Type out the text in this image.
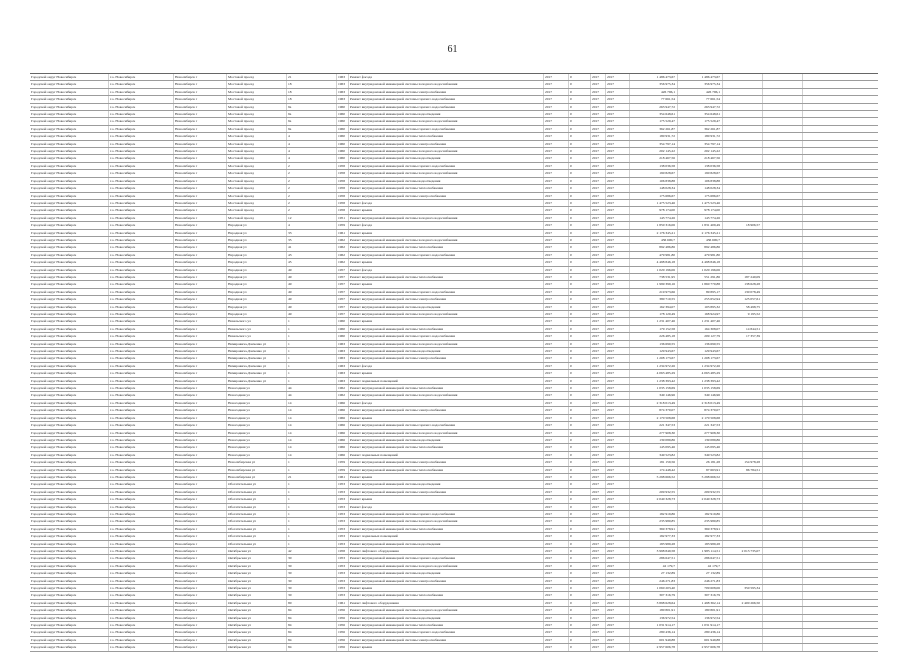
61
Городской округ Новосибирск	г.о. Новосибирск	Новосибирск г	Мостовой проезд	21	1963	Ремонт фасада	2017	0	2017	2017	1 486 473,67	1 486 473,67
Городской округ Новосибирск	г.о. Новосибирск	Новосибирск г	Мостовой проезд	18	1963	Ремонт внутридомовой инженерной системы холодного водоснабжения	2017	0	2017	2017	356 975,34	356 975,34
Городской округ Новосибирск	г.о. Новосибирск	Новосибирск г	Мостовой проезд	18	1963	Ремонт внутридомовой инженерной системы электроснабжения	2017	0	2017	2017	426 796,1	426 796,1
Городской округ Новосибирск	г.о. Новосибирск	Новосибирск г	Мостовой проезд	18	1963	Ремонт внутридомовой инженерной системы горячего водоснабжения	2017	0	2017	2017	77 661,54	77 661,54
Городской округ Новосибирск	г.о. Новосибирск	Новосибирск г	Мостовой проезд	9а	1960	Ремонт внутридомовой инженерной системы горячего водоснабжения	2017	0	2017	2017	263 947,72	263 947,72
Городской округ Новосибирск	г.о. Новосибирск	Новосибирск г	Мостовой проезд	9а	1960	Ремонт внутридомовой инженерной системы водоотведения	2017	0	2017	2017	354 648,61	354 648,61
Городской округ Новосибирск	г.о. Новосибирск	Новосибирск г	Мостовой проезд	9а	1960	Ремонт внутридомовой инженерной системы холодного водоснабжения	2017	0	2017	2017	175 529,47	175 529,47
Городской округ Новосибирск	г.о. Новосибирск	Новосибирск г	Мостовой проезд	9а	1960	Ремонт внутридомовой инженерной системы горячего водоснабжения	2017	0	2017	2017	362 261,87	362 261,87
Городской округ Новосибирск	г.о. Новосибирск	Новосибирск г	Мостовой проезд	4	1960	Ремонт внутридомовой инженерной системы теплоснабжения	2017	0	2017	2017	180 931,72	180 931,72
Городской округ Новосибирск	г.о. Новосибирск	Новосибирск г	Мостовой проезд	4	1960	Ремонт внутридомовой инженерной системы электроснабжения	2017	0	2017	2017	354 797,14	354 797,14
Городской округ Новосибирск	г.о. Новосибирск	Новосибирск г	Мостовой проезд	4	1960	Ремонт внутридомовой инженерной системы холодного водоснабжения	2017	0	2017	2017	202 145,22	202 145,22
Городской округ Новосибирск	г.о. Новосибирск	Новосибирск г	Мостовой проезд	4	1960	Ремонт внутридомовой инженерной системы водоотведения	2017	0	2017	2017	218 467,56	218 467,56
Городской округ Новосибирск	г.о. Новосибирск	Новосибирск г	Мостовой проезд	2	1958	Ремонт внутридомовой инженерной системы горячего водоснабжения	2017	0	2017	2017	138 036,58	138 036,58
Городской округ Новосибирск	г.о. Новосибирск	Новосибирск г	Мостовой проезд	2	1958	Ремонт внутридомовой инженерной системы холодного водоснабжения	2017	0	2017	2017	190 828,67	190 828,67
Городской округ Новосибирск	г.о. Новосибирск	Новосибирск г	Мостовой проезд	2	1958	Ремонт внутридомовой инженерной системы водоотведения	2017	0	2017	2017	106 838,88	106 838,88
Городской округ Новосибирск	г.о. Новосибирск	Новосибирск г	Мостовой проезд	2	1958	Ремонт внутридомовой инженерной системы теплоснабжения	2017	0	2017	2017	148 028,34	148 028,34
Городской округ Новосибирск	г.о. Новосибирск	Новосибирск г	Мостовой проезд	2	1958	Ремонт внутридомовой инженерной системы электроснабжения	2017	0	2017	2017	175 686,67	175 686,67
Городской округ Новосибирск	г.о. Новосибирск	Новосибирск г	Мостовой проезд	2	1958	Ремонт фасада	2017	0	2017	2017	1 475 523,46	1 475 523,46
Городской округ Новосибирск	г.о. Новосибирск	Новосибирск г	Мостовой проезд	2	1958	Ремонт крыши	2017	0	2017	2017	978 174,00	978 174,00
Городской округ Новосибирск	г.о. Новосибирск	Новосибирск г	Мостовой проезд	12	1951	Ремонт внутридомовой инженерной системы холодного водоснабжения	2017	0	2017	2017	143 774,26	143 774,26
Городской округ Новосибирск	г.о. Новосибирск	Новосибирск г	Народная ул	4	1959	Ремонт фасада	2017	0	2017	2017	1 850 316,06	1 831 409,49	18 906,57
Городской округ Новосибирск	г.о. Новосибирск	Новосибирск г	Народная ул	33	1961	Ремонт крыши	2017	0	2017	2017	2 176 345,21	2 176 345,21
Городской округ Новосибирск	г.о. Новосибирск	Новосибирск г	Народная ул	35	1962	Ремонт внутридомовой инженерной системы холодного водоснабжения	2017	0	2017	2017	436 600,7	436 600,7
Городской округ Новосибирск	г.о. Новосибирск	Новосибирск г	Народная ул	41	1962	Ремонт внутридомовой инженерной системы теплоснабжения	2017	0	2017	2017	892 486,86	892 486,86
Городской округ Новосибирск	г.о. Новосибирск	Новосибирск г	Народная ул	43	1962	Ремонт внутридомовой инженерной системы горячего водоснабжения	2017	0	2017	2017	479 981,80	479 981,80
Городской округ Новосибирск	г.о. Новосибирск	Новосибирск г	Народная ул	45	1962	Ремонт крыши	2017	0	2017	2017	4 498 846,18	4 498 846,18
Городской округ Новосибирск	г.о. Новосибирск	Новосибирск г	Народная ул	49	1957	Ремонт фасада	2017	0	2017	2017	1 020 196,06	1 020 196,06
Городской округ Новосибирск	г.о. Новосибирск	Новосибирск г	Народная ул	49	1957	Ремонт внутридомовой инженерной системы теплоснабжения	2017	0	2017	2017	738 531,95	551 291,86	187 240,09
Городской округ Новосибирск	г.о. Новосибирск	Новосибирск г	Народная ул	49	1957	Ремонт крыши	2017	0	2017	2017	1 999 399,16	1 860 770,88	138 628,28
Городской округ Новосибирск	г.о. Новосибирск	Новосибирск г	Народная ул	49	1957	Ремонт внутридомовой инженерной системы горячего водоснабжения	2017	0	2017	2017	219 973,66	89 895,17	130 078,49
Городской округ Новосибирск	г.о. Новосибирск	Новосибирск г	Народная ул	49	1957	Ремонт внутридомовой инженерной системы электроснабжения	2017	0	2017	2017	380 710,55	255 652,94	125 057,61
Городской округ Новосибирск	г.о. Новосибирск	Новосибирск г	Народная ул	49	1957	Ремонт внутридомовой инженерной системы водоотведения	2017	0	2017	2017	162 394,07	103 895,32	58 498,75
Городской округ Новосибирск	г.о. Новосибирск	Новосибирск г	Народная ул	49	1957	Ремонт внутридомовой инженерной системы холодного водоснабжения	2017	0	2017	2017	178 120,49	168 924,97	9 195,52
Городской округ Новосибирск	г.о. Новосибирск	Новосибирск г	Невельского ул	1	1960	Ремонт крыши	2017	0	2017	2017	1 231 407,46	1 231 407,46
Городской округ Новосибирск	г.о. Новосибирск	Новосибирск г	Невельского ул	1	1960	Ремонт внутридомовой инженерной системы теплоснабжения	2017	0	2017	2017	179 152,58	164 308,07	14 844,51
Городской округ Новосибирск	г.о. Новосибирск	Новосибирск г	Невельского ул	1	1960	Ремонт внутридомовой инженерной системы горячего водоснабжения	2017	0	2017	2017	226 485,18	209 127,79	17 357,39
Городской округ Новосибирск	г.о. Новосибирск	Новосибирск г	Немировича-Данченко ул	1	1963	Ремонт внутридомовой инженерной системы холодного водоснабжения	2017	0	2017	2017	136 690,55	136 690,55
Городской округ Новосибирск	г.о. Новосибирск	Новосибирск г	Немировича-Данченко ул	1	1963	Ремонт внутридомовой инженерной системы водоотведения	2017	0	2017	2017	129 943,67	129 943,67
Городской округ Новосибирск	г.о. Новосибирск	Новосибирск г	Немировича-Данченко ул	1	1963	Ремонт внутридомовой инженерной системы электроснабжения	2017	0	2017	2017	1 208 173,67	1 208 173,67
Городской округ Новосибирск	г.о. Новосибирск	Новосибирск г	Немировича-Данченко ул	1	1963	Ремонт фасада	2017	0	2017	2017	1 234 972,26	1 234 972,26
Городской округ Новосибирск	г.о. Новосибирск	Новосибирск г	Немировича-Данченко ул	1	1963	Ремонт крыши	2017	0	2017	2017	4 063 485,29	4 063 485,29
Городской округ Новосибирск	г.о. Новосибирск	Новосибирск г	Немировича-Данченко ул	1	1963	Ремонт подвальных помещений	2017	0	2017	2017	1 238 393,42	1 238 393,42
Городской округ Новосибирск	г.о. Новосибирск	Новосибирск г	Новогодняя ул	44	1962	Ремонт внутридомовой инженерной системы теплоснабжения	2017	0	2017	2017	1 035 158,69	1 035 158,69
Городской округ Новосибирск	г.о. Новосибирск	Новосибирск г	Новогодняя ул	44	1962	Ремонт внутридомовой инженерной системы холодного водоснабжения	2017	0	2017	2017	349 146,96	349 146,96
Городской округ Новосибирск	г.о. Новосибирск	Новосибирск г	Новогодняя ул	14	1966	Ремонт фасада	2017	0	2017	2017	2 318 013,49	2 318 013,49
Городской округ Новосибирск	г.о. Новосибирск	Новосибирск г	Новогодняя ул	14	1966	Ремонт внутридомовой инженерной системы электроснабжения	2017	0	2017	2017	874 370,07	874 370,07
Городской округ Новосибирск	г.о. Новосибирск	Новосибирск г	Новогодняя ул	14	1966	Ремонт крыши	2017	0	2017	2017	2 170 508,68	2 170 508,68
Городской округ Новосибирск	г.о. Новосибирск	Новосибирск г	Новогодняя ул	14	1966	Ремонт внутридомовой инженерной системы горячего водоснабжения	2017	0	2017	2017	221 347,53	221 347,53
Городской округ Новосибирск	г.о. Новосибирск	Новосибирск г	Новогодняя ул	14	1966	Ремонт внутридомовой инженерной системы холодного водоснабжения	2017	0	2017	2017	277 908,30	277 908,30
Городской округ Новосибирск	г.о. Новосибирск	Новосибирск г	Новогодняя ул	14	1966	Ремонт внутридомовой инженерной системы водоотведения	2017	0	2017	2017	139 089,86	139 089,86
Городской округ Новосибирск	г.о. Новосибирск	Новосибирск г	Новогодняя ул	14	1966	Ремонт внутридомовой инженерной системы теплоснабжения	2017	0	2017	2017	145 095,46	145 095,46
Городской округ Новосибирск	г.о. Новосибирск	Новосибирск г	Новогодняя ул	14	1966	Ремонт подвальных помещений	2017	0	2017	2017	349 523,82	349 523,82
Городской округ Новосибирск	г.о. Новосибирск	Новосибирск г	Новосибирская ул	1	1959	Ремонт внутридомовой инженерной системы электроснабжения	2017	0	2017	2017	181 159,56	26 181,28	154 978,28
Городской округ Новосибирск	г.о. Новосибирск	Новосибирск г	Новосибирская ул	1	1959	Ремонт внутридомовой инженерной системы теплоснабжения	2017	0	2017	2017	174 448,42	87 663,91	86 784,51
Городской округ Новосибирск	г.о. Новосибирск	Новосибирск г	Новосибирская ул	21	1961	Ремонт крыши	2017	0	2017	2017	5 298 666,52	5 298 666,52
Городской округ Новосибирск	г.о. Новосибирск	Новосибирск г	Обогатительная ул	1	1953	Ремонт внутридомовой инженерной системы водоотведения	2017	0	2017	2017
Городской округ Новосибирск	г.о. Новосибирск	Новосибирск г	Обогатительная ул	1	1953	Ремонт внутридомовой инженерной системы электроснабжения	2017	0	2017	2017	209 932,55	209 932,55
Городской округ Новосибирск	г.о. Новосибирск	Новосибирск г	Обогатительная ул	1	1953	Ремонт крыши	2017	0	2017	2017	2 040 328,73	2 040 328,73
Городской округ Новосибирск	г.о. Новосибирск	Новосибирск г	Обогатительная ул	1	1953	Ремонт фасада	2017	0	2017	2017
Городской округ Новосибирск	г.о. Новосибирск	Новосибирск г	Обогатительная ул	1	1953	Ремонт внутридомовой инженерной системы горячего водоснабжения	2017	0	2017	2017	182 919,86	182 919,86
Городской округ Новосибирск	г.о. Новосибирск	Новосибирск г	Обогатительная ул	1	1953	Ремонт внутридомовой инженерной системы холодного водоснабжения	2017	0	2017	2017	235 980,85	235 980,85
Городской округ Новосибирск	г.о. Новосибирск	Новосибирск г	Обогатительная ул	1	1953	Ремонт внутридомовой инженерной системы теплоснабжения	2017	0	2017	2017	369 378,91	369 378,91
Городской округ Новосибирск	г.о. Новосибирск	Новосибирск г	Обогатительная ул	1	1953	Ремонт подвальных помещений	2017	0	2017	2017	182 977,33	182 977,33
Городской округ Новосибирск	г.о. Новосибирск	Новосибирск г	Обогатительная ул	1	1953	Ремонт внутридомовой инженерной системы водоотведения	2017	0	2017	2017	183 989,28	183 989,28
Городской округ Новосибирск	г.о. Новосибирск	Новосибирск г	Октябрьская ул	42	1958	Ремонт лифтового оборудования	2017	0	2017	2017	3 998 849,58	1 985 114,51	2 013 735,07
Городской округ Новосибирск	г.о. Новосибирск	Новосибирск г	Октябрьская ул	30	1953	Ремонт внутридомовой инженерной системы горячего водоснабжения	2017	0	2017	2017	286 647,51	286 647,51
Городской округ Новосибирск	г.о. Новосибирск	Новосибирск г	Октябрьская ул	30	1953	Ремонт внутридомовой инженерной системы холодного водоснабжения	2017	0	2017	2017	42 179,7	42 179,7
Городской округ Новосибирск	г.о. Новосибирск	Новосибирск г	Октябрьская ул	30	1953	Ремонт внутридомовой инженерной системы водоотведения	2017	0	2017	2017	27 132,89	27 132,89
Городской округ Новосибирск	г.о. Новосибирск	Новосибирск г	Октябрьская ул	30	1953	Ремонт внутридомовой инженерной системы электроснабжения	2017	0	2017	2017	246 271,83	246 271,83
Городской округ Новосибирск	г.о. Новосибирск	Новосибирск г	Октябрьская ул	30	1953	Ремонт крыши	2017	0	2017	2017	1 060 203,40	709 608,06	350 595,34
Городской округ Новосибирск	г.о. Новосибирск	Новосибирск г	Октябрьская ул	30	1953	Ремонт внутридомовой инженерной системы теплоснабжения	2017	0	2017	2017	307 316,79	307 316,79
Городской округ Новосибирск	г.о. Новосибирск	Новосибирск г	Октябрьская ул	80	1961	Ремонт лифтового оборудования	2017	0	2017	2017	3 898 628,64	1 498 362,14	2 400 266,50
Городской округ Новосибирск	г.о. Новосибирск	Новосибирск г	Октябрьская ул	84	1956	Ремонт внутридомовой инженерной системы холодного водоснабжения	2017	0	2017	2017	180 801,91	180 801,91
Городской округ Новосибирск	г.о. Новосибирск	Новосибирск г	Октябрьская ул	84	1956	Ремонт внутридомовой инженерной системы водоотведения	2017	0	2017	2017	136 972,54	136 972,54
Городской округ Новосибирск	г.о. Новосибирск	Новосибирск г	Октябрьская ул	84	1956	Ремонт внутридомовой инженерной системы теплоснабжения	2017	0	2017	2017	1 031 914,17	1 031 914,17
Городской округ Новосибирск	г.о. Новосибирск	Новосибирск г	Октябрьская ул	84	1956	Ремонт внутридомовой инженерной системы горячего водоснабжения	2017	0	2017	2017	280 436,14	280 436,14
Городской округ Новосибирск	г.о. Новосибирск	Новосибирск г	Октябрьская ул	84	1956	Ремонт внутридомовой инженерной системы электроснабжения	2017	0	2017	2017	601 949,88	601 949,88
Городской округ Новосибирск	г.о. Новосибирск	Новосибирск г	Октябрьская ул	84	1956	Ремонт крыши	2017	0	2017	2017	2 957 606,78	2 957 606,78
